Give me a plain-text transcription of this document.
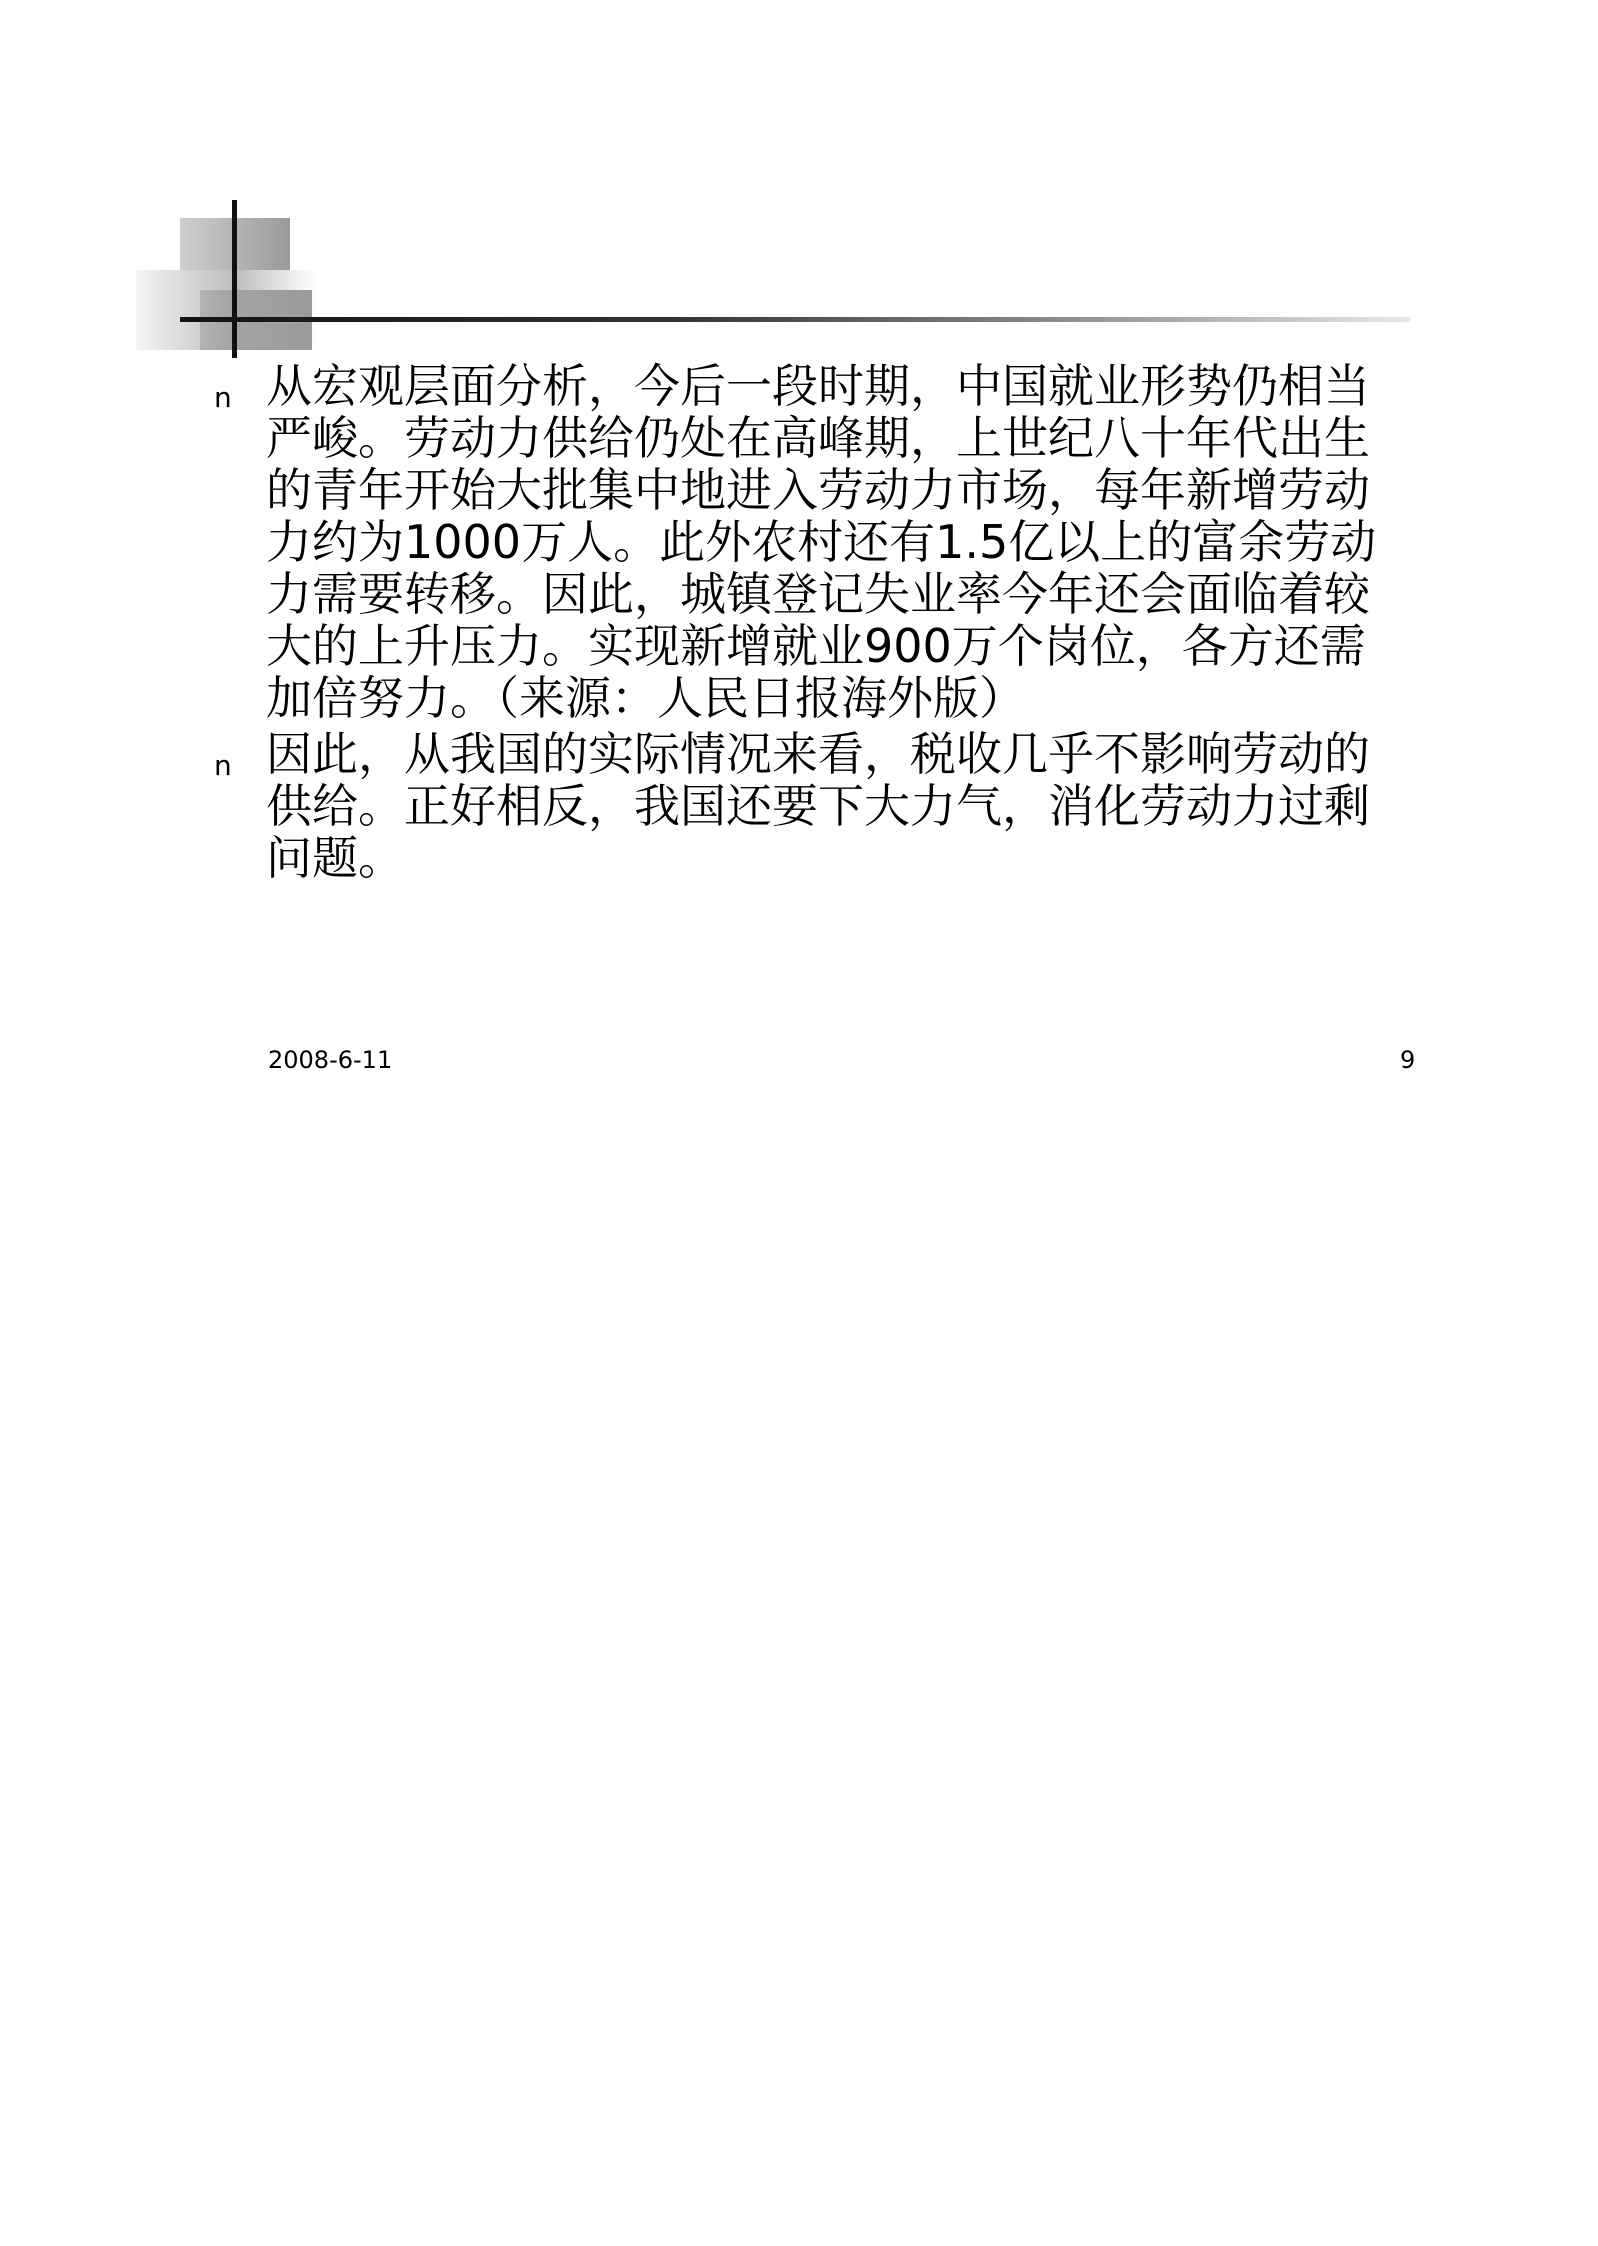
n 从宏观层面分析，今后一段时期，中国就业形势仍相当严峻。劳动力供给仍处在高峰期，上世纪八十年代出生的青年开始大批集中地进入劳动力市场，每年新增劳动力约为1000万人。此外农村还有1.5亿以上的富余劳动力需要转移。因此，城镇登记失业率今年还会面临着较大的上升压力。实现新增就业900万个岗位，各方还需加倍努力。（来源：人民日报海外版）
n 因此，从我国的实际情况来看，税收几乎不影响劳动的供给。正好相反，我国还要下大力气，消化劳动力过剩问题。
2008-6-11	9
